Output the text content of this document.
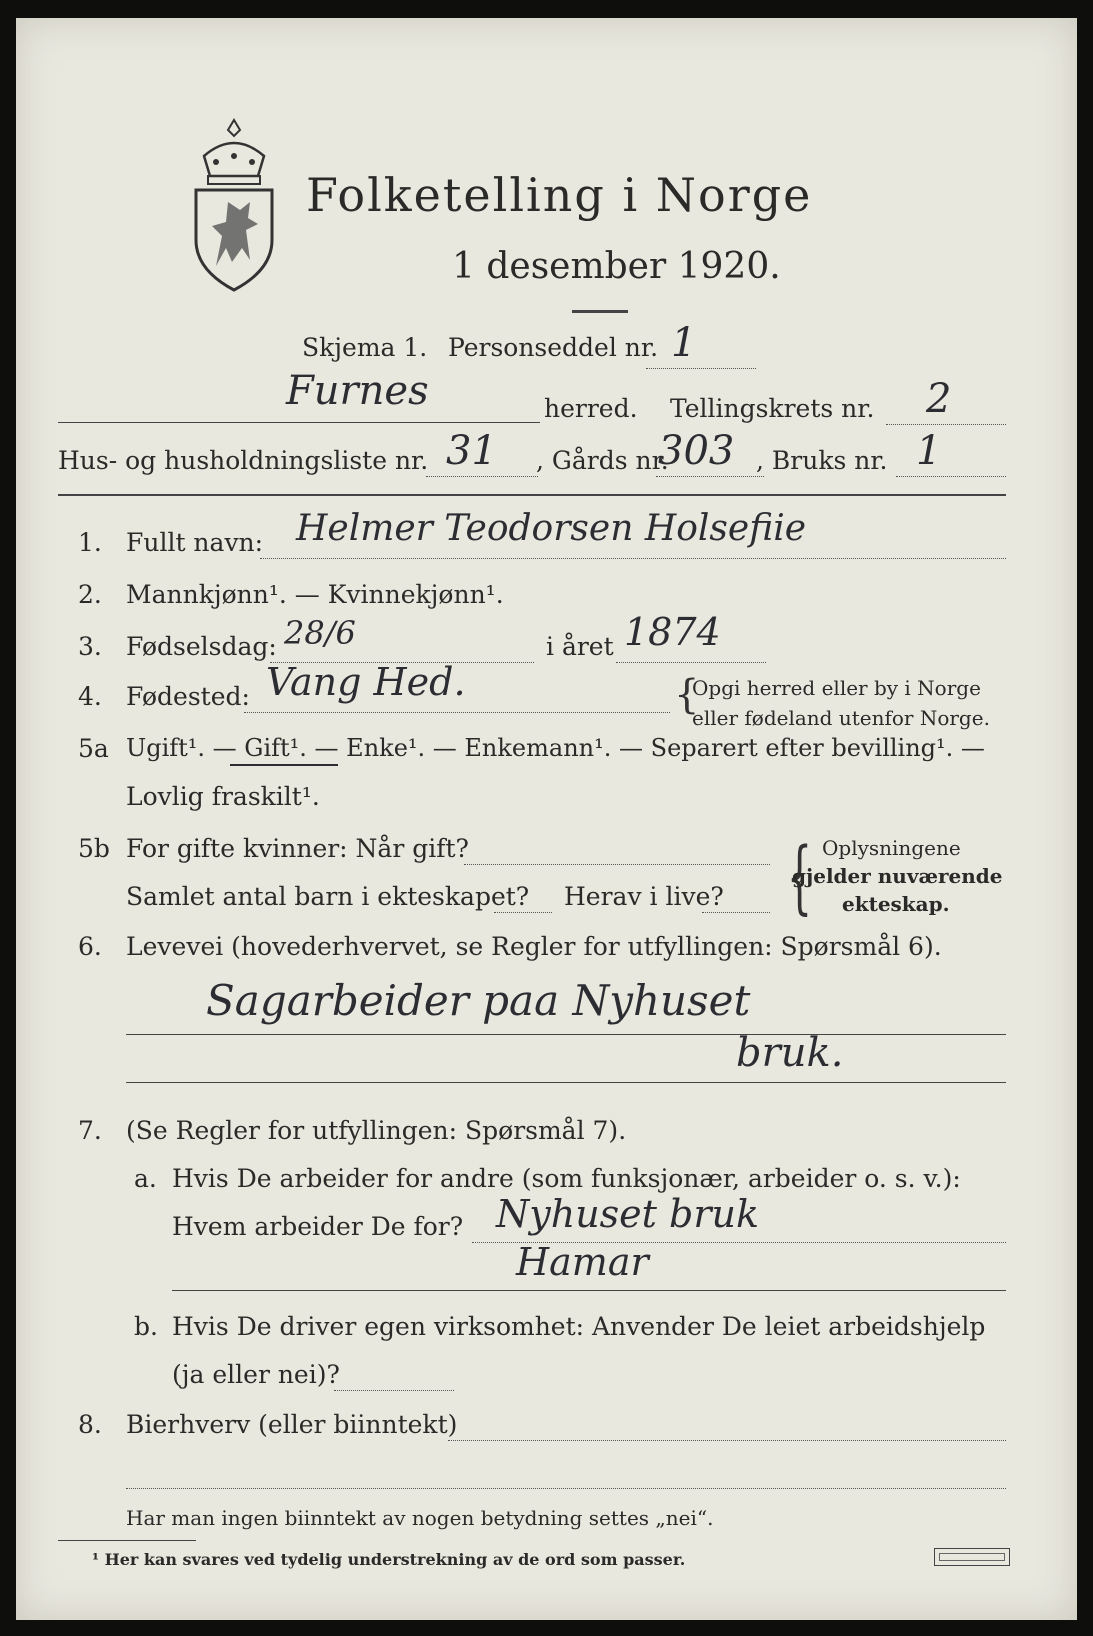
Folketelling i Norge
1 desember 1920.
Skjema 1. Personseddel nr. 1
Furnes	herred. Tellingskrets nr. 2
Hus- og husholdningsliste nr. 31 , Gårds nr.
303 , Bruks nr. 1
1. Fullt navn: Helmer Teodorsen Holsefiie
2. Mannkjønn¹. — Kvinnekjønn¹.
3. Fødselsdag: 28/6	i året 1874
4. Fødested: Vang Hed.	{
Opgi herred eller by i Norge
eller fødeland utenfor Norge.
5a Ugift¹. — Gift¹. — Enke¹. — Enkemann¹. — Separert efter bevilling¹. —
Lovlig fraskilt¹.
5b For gifte kvinner: Når gift?
Samlet antal barn i ekteskapet? Herav i live? { Oplysningene
gjelder nuværende
ekteskap.
6. Levevei (hovederhvervet, se Regler for utfyllingen: Spørsmål 6).
Sagarbeider paa Nyhuset
bruk.
7. (Se Regler for utfyllingen: Spørsmål 7).
a. Hvis De arbeider for andre (som funksjonær, arbeider o. s. v.):
Hvem arbeider De for? Nyhuset bruk
Hamar
b. Hvis De driver egen virksomhet: Anvender De leiet arbeidshjelp
(ja eller nei)?
8. Bierhverv (eller biinntekt)
Har man ingen biinntekt av nogen betydning settes „nei“.
¹ Her kan svares ved tydelig understrekning av de ord som passer.
